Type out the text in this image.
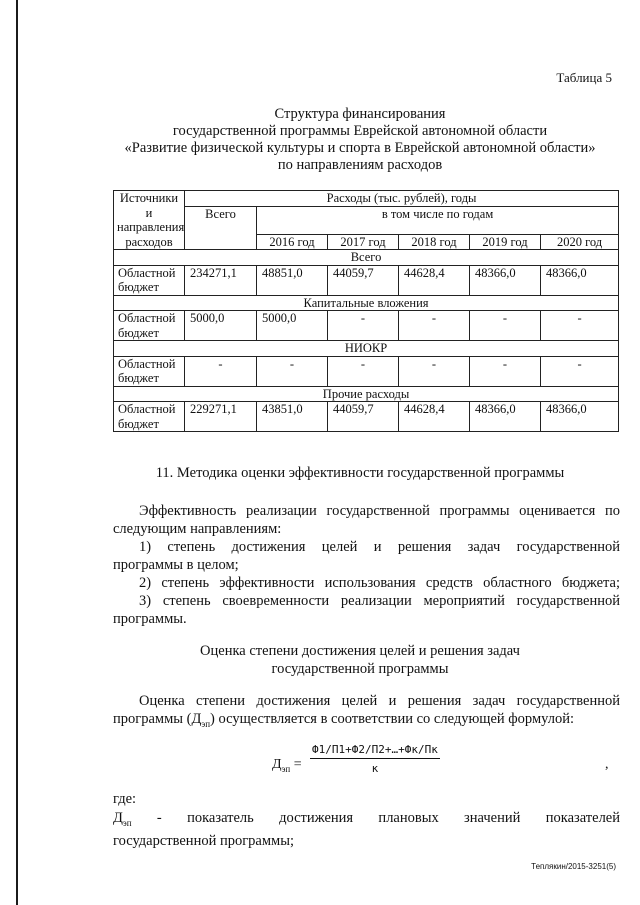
Таблица 5
Структура финансирования
государственной программы Еврейской автономной области
«Развитие физической культуры и спорта в Еврейской автономной области»
по направлениям расходов
Источники и направления расходов	Расходы (тыс. рублей), годы					
	Всего	в том числе по годам				
		2016 год	2017 год	2018 год	2019 год	2020 год
Всего						
Областной бюджет	234271,1	48851,0	44059,7	44628,4	48366,0	48366,0
Капитальные вложения						
Областной бюджет	5000,0	5000,0	-	-	-	-
НИОКР						
Областной бюджет	-	-	-	-	-	-
Прочие расходы						
Областной бюджет	229271,1	43851,0	44059,7	44628,4	48366,0	48366,0
11. Методика оценки эффективности государственной программы
Эффективность реализации государственной программы оценивается по
следующим направлениям:
1) степень достижения целей и решения задач государственной
программы в целом;
2) степень эффективности использования средств областного бюджета;
3) степень своевременности реализации мероприятий государственной
программы.
Оценка степени достижения целей и решения задач
государственной программы
Оценка степени достижения целей и решения задач государственной
программы $(Д_{эп})$ осуществляется в соответствии со следующей формулой:
$Д_{эп}$ =
Ф1/П1+Ф2/П2+…+Фк/Пк
к	,
где:
$Д_{эп}$ - показатель достижения плановых значений показателей
государственной программы;
Теплякин/2015-3251(5)
